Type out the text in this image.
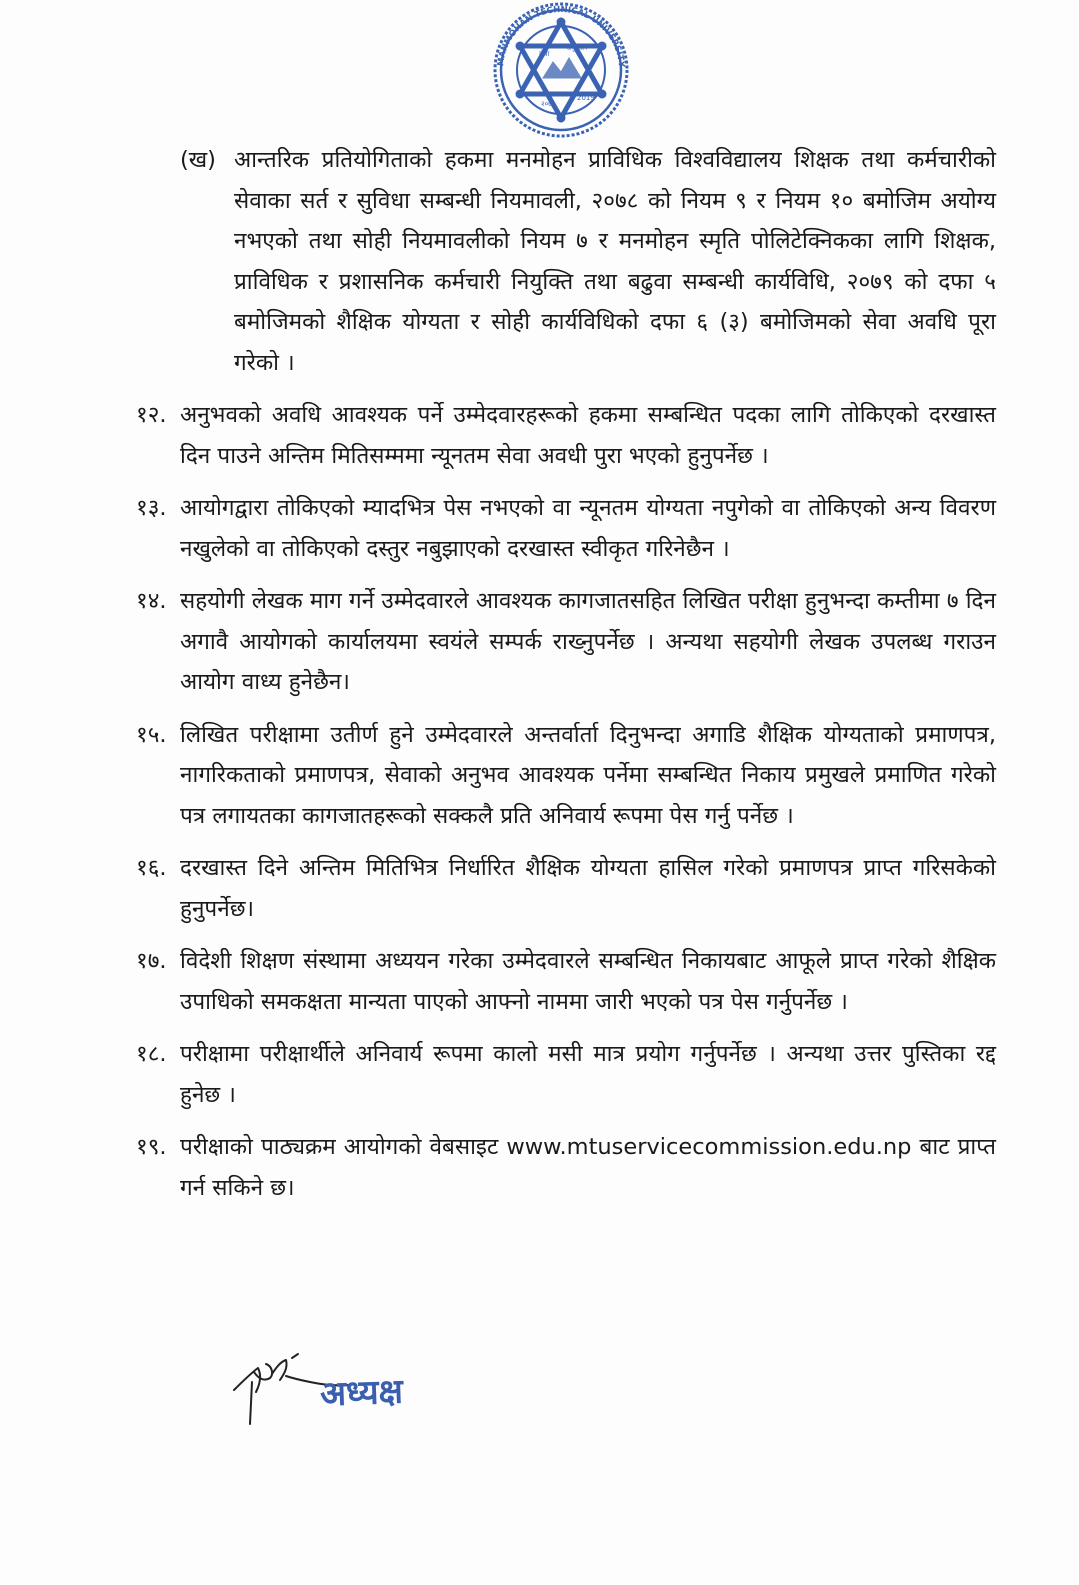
MANMOHAN TECHNICAL UNIVERSITY
सेवा
अनुसंधान
२०७५
2019
(ख) आन्तरिक प्रतियोगिताको हकमा मनमोहन प्राविधिक विश्वविद्यालय शिक्षक तथा कर्मचारीको सेवाका सर्त र सुविधा सम्बन्धी नियमावली, २०७८ को नियम ९ र नियम १० बमोजिम अयोग्य नभएको तथा सोही नियमावलीको नियम ७ र मनमोहन स्मृति पोलिटेक्निकका लागि शिक्षक, प्राविधिक र प्रशासनिक कर्मचारी नियुक्ति तथा बढुवा सम्बन्धी कार्यविधि, २०७९ को दफा ५ बमोजिमको शैक्षिक योग्यता र सोही कार्यविधिको दफा ६ (३) बमोजिमको सेवा अवधि पूरा गरेको ।
१२. अनुभवको अवधि आवश्यक पर्ने उम्मेदवारहरूको हकमा सम्बन्धित पदका लागि तोकिएको दरखास्त दिन पाउने अन्तिम मितिसम्ममा न्यूनतम सेवा अवधी पुरा भएको हुनुपर्नेछ ।
१३. आयोगद्वारा तोकिएको म्यादभित्र पेस नभएको वा न्यूनतम योग्यता नपुगेको वा तोकिएको अन्य विवरण नखुलेको वा तोकिएको दस्तुर नबुझाएको दरखास्त स्वीकृत गरिनेछैन ।
१४. सहयोगी लेखक माग गर्ने उम्मेदवारले आवश्यक कागजातसहित लिखित परीक्षा हुनुभन्दा कम्तीमा ७ दिन अगावै आयोगको कार्यालयमा स्वयंले सम्पर्क राख्नुपर्नेछ । अन्यथा सहयोगी लेखक उपलब्ध गराउन आयोग वाध्य हुनेछैन।
१५. लिखित परीक्षामा उतीर्ण हुने उम्मेदवारले अन्तर्वार्ता दिनुभन्दा अगाडि शैक्षिक योग्यताको प्रमाणपत्र, नागरिकताको प्रमाणपत्र, सेवाको अनुभव आवश्यक पर्नेमा सम्बन्धित निकाय प्रमुखले प्रमाणित गरेको पत्र लगायतका कागजातहरूको सक्कलै प्रति अनिवार्य रूपमा पेस गर्नु पर्नेछ ।
१६. दरखास्त दिने अन्तिम मितिभित्र निर्धारित शैक्षिक योग्यता हासिल गरेको प्रमाणपत्र प्राप्त गरिसकेको हुनुपर्नेछ।
१७. विदेशी शिक्षण संस्थामा अध्ययन गरेका उम्मेदवारले सम्बन्धित निकायबाट आफूले प्राप्त गरेको शैक्षिक उपाधिको समकक्षता मान्यता पाएको आफ्नो नाममा जारी भएको पत्र पेस गर्नुपर्नेछ ।
१८. परीक्षामा परीक्षार्थीले अनिवार्य रूपमा कालो मसी मात्र प्रयोग गर्नुपर्नेछ । अन्यथा उत्तर पुस्तिका रद्द हुनेछ ।
१९. परीक्षाको पाठ्यक्रम आयोगको वेबसाइट www.mtuservicecommission.edu.np बाट प्राप्त गर्न सकिने छ।
अध्यक्ष
